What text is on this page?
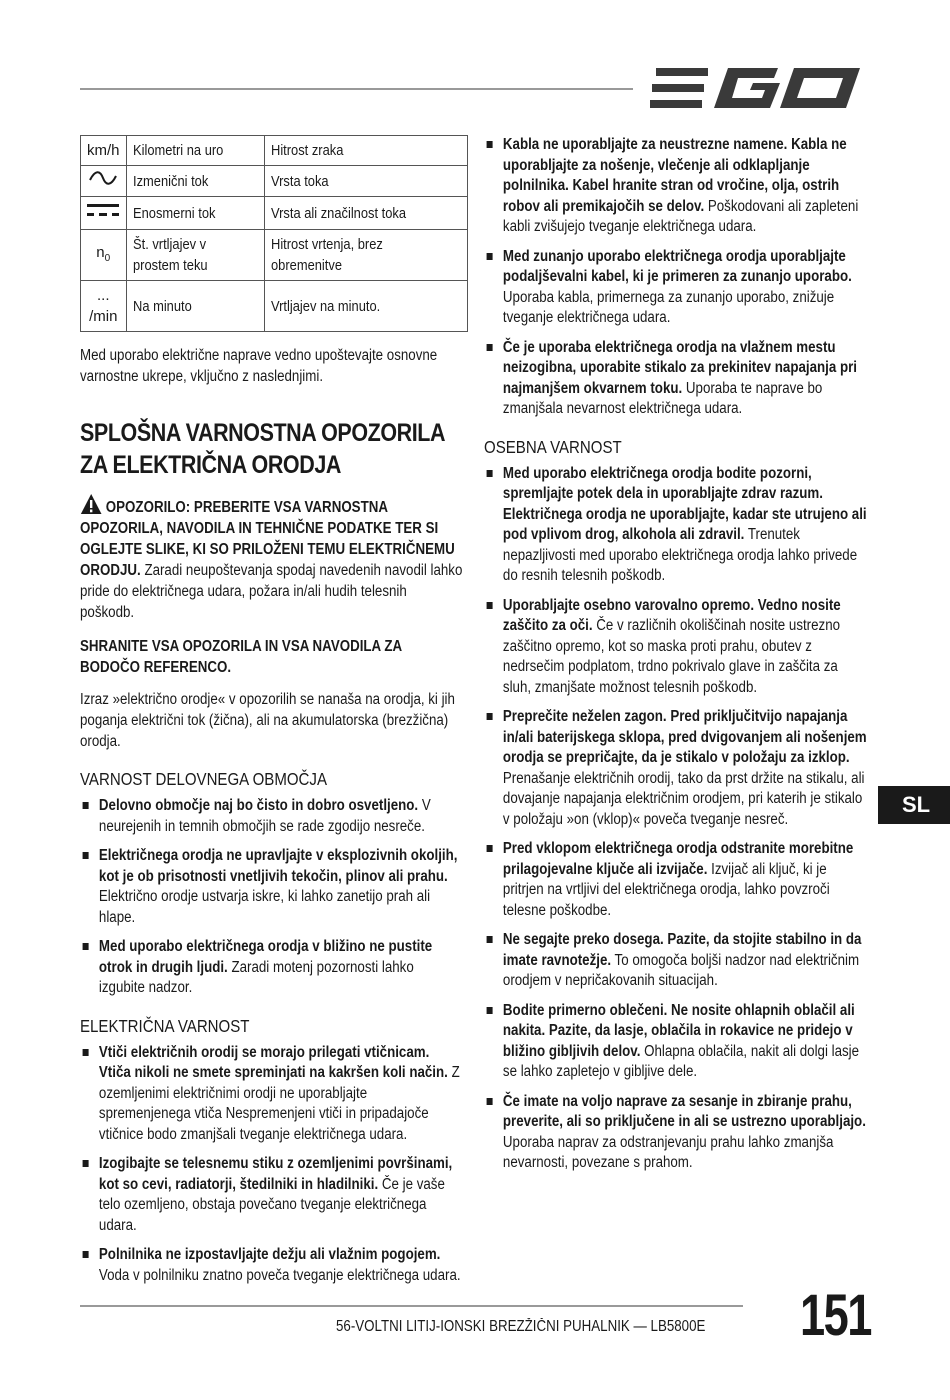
km/h	Kilometri na uro	Hitrost zraka

Izmenični tok	Vrsta toka

Enosmerni tok	Vrsta ali značilnost toka

$n_0$	Št. vrtljajev v prostem teku	Hitrost vrtenja, brez obremenitve

... /min	Na minuto	Vrtljajev na minuto.

Med uporabo električne naprave vedno upoštevajte osnovne varnostne ukrepe, vključno z naslednjimi.

SPLOŠNA VARNOSTNA OPOZORILA ZA ELEKTRIČNA ORODJA

OPOZORILO: PREBERITE VSA VARNOSTNA OPOZORILA, NAVODILA IN TEHNIČNE PODATKE TER SI OGLEJTE SLIKE, KI SO PRILOŽENI TEMU ELEKTRIČNEMU ORODJU. Zaradi neupoštevanja spodaj navedenih navodil lahko pride do električnega udara, požara in/ali hudih telesnih poškodb.

SHRANITE VSA OPOZORILA IN VSA NAVODILA ZA BODOČO REFERENCO.

Izraz »električno orodje« v opozorilih se nanaša na orodja, ki jih poganja električni tok (žična), ali na akumulatorska (brezžična) orodja.

VARNOST DELOVNEGA OBMOČJA
Delovno območje naj bo čisto in dobro osvetljeno. V neurejenih in temnih območjih se rade zgodijo nesreče.
Električnega orodja ne upravljajte v eksplozivnih okoljih, kot je ob prisotnosti vnetljivih tekočin, plinov ali prahu. Električno orodje ustvarja iskre, ki lahko zanetijo prah ali hlape.
Med uporabo električnega orodja v bližino ne pustite otrok in drugih ljudi. Zaradi motenj pozornosti lahko izgubite nadzor.
ELEKTRIČNA VARNOST
Vtiči električnih orodij se morajo prilegati vtičnicam. Vtiča nikoli ne smete spreminjati na kakršen koli način. Z ozemljenimi električnimi orodji ne uporabljajte spremenjenega vtiča Nespremenjeni vtiči in pripadajoče vtičnice bodo zmanjšali tveganje električnega udara.
Izogibajte se telesnemu stiku z ozemljenimi površinami, kot so cevi, radiatorji, štedilniki in hladilniki. Če je vaše telo ozemljeno, obstaja povečano tveganje električnega udara.
Polnilnika ne izpostavljajte dežju ali vlažnim pogojem. Voda v polnilniku znatno poveča tveganje električnega udara.
Kabla ne uporabljajte za neustrezne namene. Kabla ne uporabljajte za nošenje, vlečenje ali odklapljanje polnilnika. Kabel hranite stran od vročine, olja, ostrih robov ali premikajočih se delov. Poškodovani ali zapleteni kabli zvišujejo tveganje električnega udara.
Med zunanjo uporabo električnega orodja uporabljajte podaljševalni kabel, ki je primeren za zunanjo uporabo. Uporaba kabla, primernega za zunanjo uporabo, znižuje tveganje električnega udara.
Če je uporaba električnega orodja na vlažnem mestu neizogibna, uporabite stikalo za prekinitev napajanja pri najmanjšem okvarnem toku. Uporaba te naprave bo zmanjšala nevarnost električnega udara.
OSEBNA VARNOST
Med uporabo električnega orodja bodite pozorni, spremljajte potek dela in uporabljajte zdrav razum. Električnega orodja ne uporabljajte, kadar ste utrujeno ali pod vplivom drog, alkohola ali zdravil. Trenutek nepazljivosti med uporabo električnega orodja lahko privede do resnih telesnih poškodb.
Uporabljajte osebno varovalno opremo. Vedno nosite zaščito za oči. Če v različnih okoliščinah nosite ustrezno zaščitno opremo, kot so maska proti prahu, obutev z nedrsečim podplatom, trdno pokrivalo glave in zaščita za sluh, zmanjšate možnost telesnih poškodb.
Preprečite neželen zagon. Pred priključitvijo napajanja in/ali baterijskega sklopa, pred dvigovanjem ali nošenjem orodja se prepričajte, da je stikalo v položaju za izklop. Prenašanje električnih orodij, tako da prst držite na stikalu, ali dovajanje napajanja električnim orodjem, pri katerih je stikalo v položaju »on (vklop)« poveča tveganje nesreč.
Pred vklopom električnega orodja odstranite morebitne prilagojevalne ključe ali izvijače. Izvijač ali ključ, ki je pritrjen na vrtljivi del električnega orodja, lahko povzroči telesne poškodbe.
Ne segajte preko dosega. Pazite, da stojite stabilno in da imate ravnotežje. To omogoča boljši nadzor nad električnim orodjem v nepričakovanih situacijah.
Bodite primerno oblečeni. Ne nosite ohlapnih oblačil ali nakita. Pazite, da lasje, oblačila in rokavice ne pridejo v bližino gibljivih delov. Ohlapna oblačila, nakit ali dolgi lasje se lahko zapletejo v gibljive dele.
Če imate na voljo naprave za sesanje in zbiranje prahu, preverite, ali so priključene in ali se ustrezno uporabljajo. Uporaba naprav za odstranjevanju prahu lahko zmanjša nevarnosti, povezane s prahom.
SL
56-VOLTNI LITIJ-IONSKI BREZŽIČNI PUHALNIK — LB5800E	151
